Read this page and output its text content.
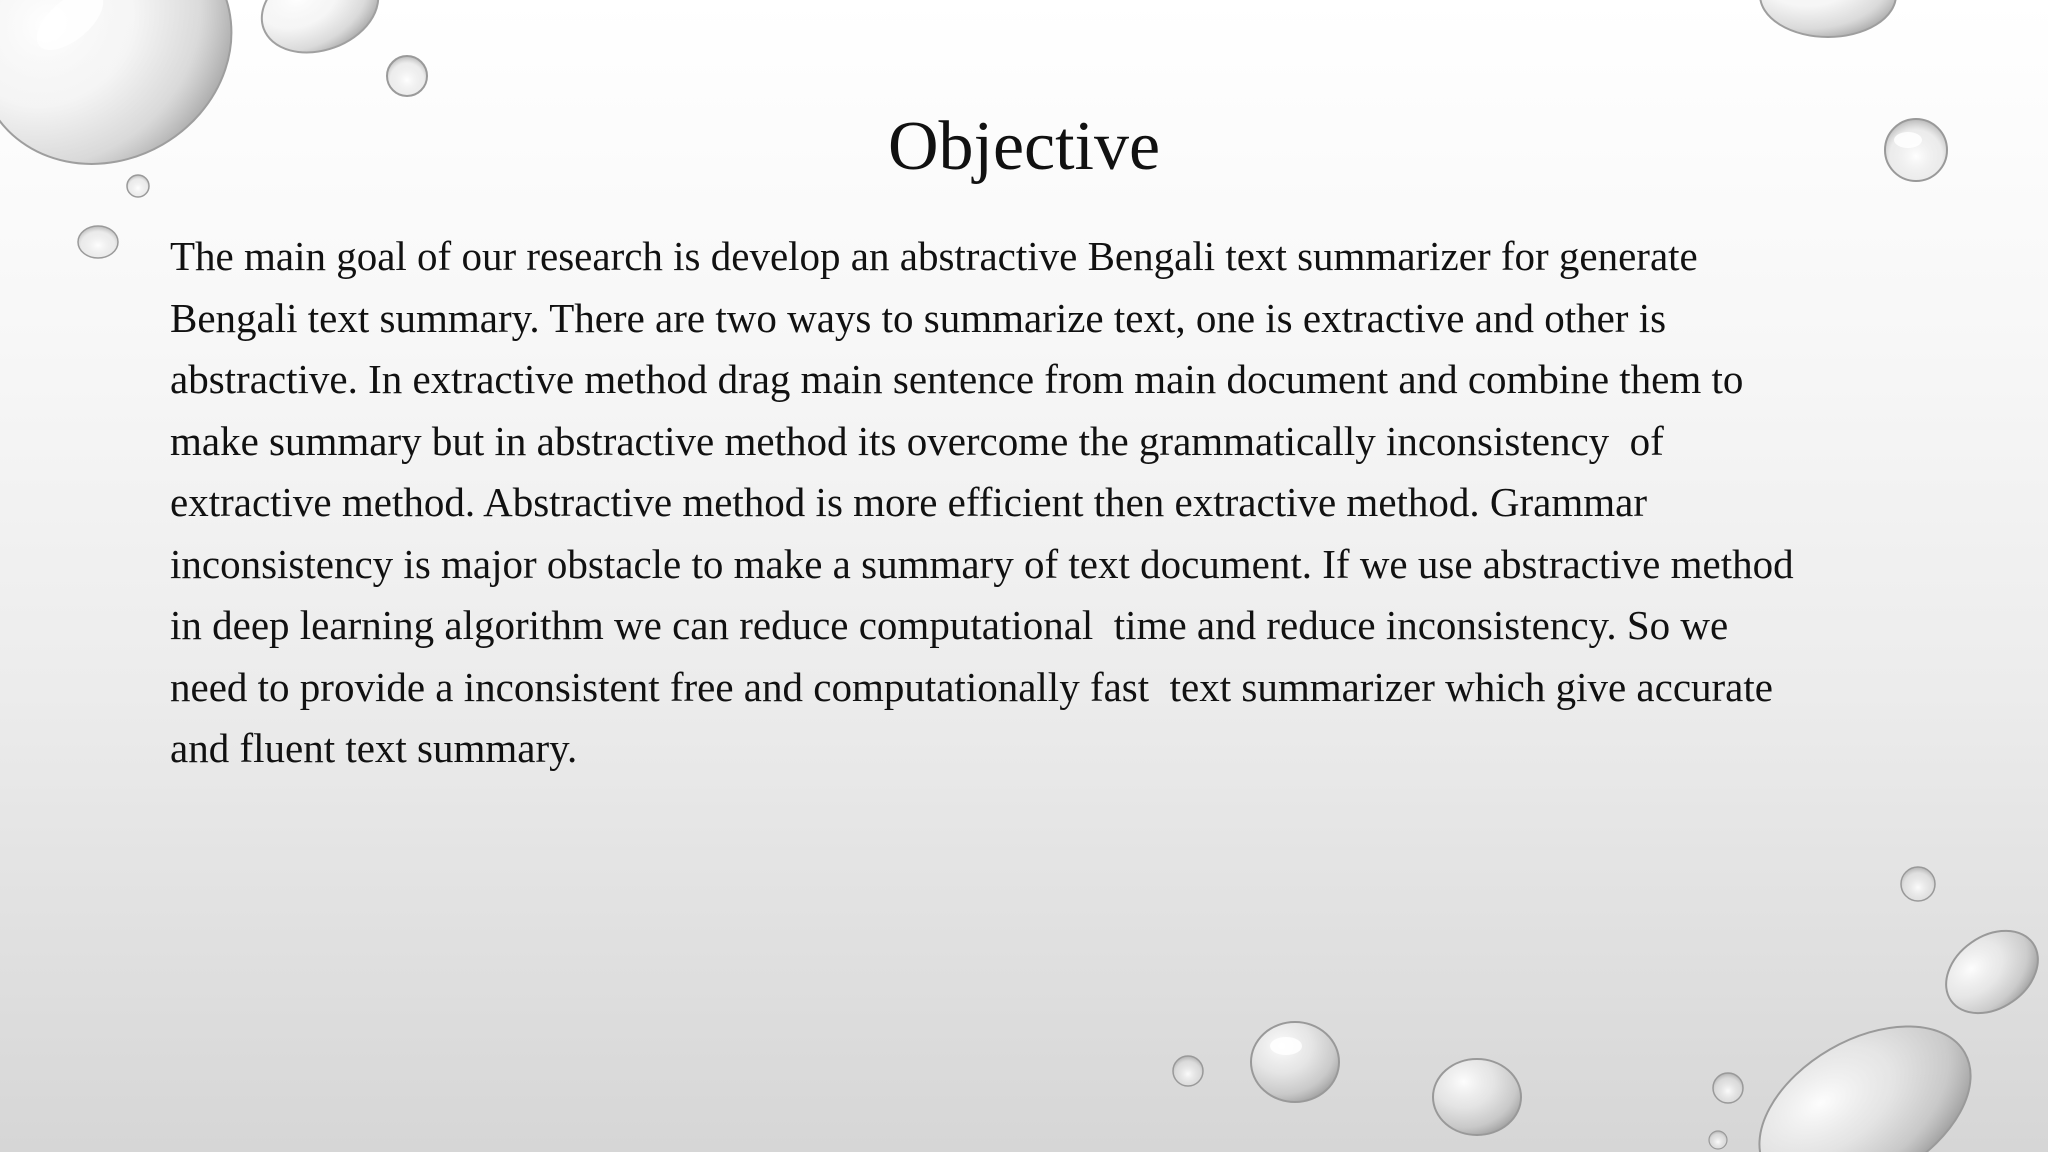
Objective

The main goal of our research is develop an abstractive Bengali text summarizer for generate
Bengali text summary. There are two ways to summarize text, one is extractive and other is
abstractive. In extractive method drag main sentence from main document and combine them to
make summary but in abstractive method its overcome the grammatically inconsistency  of
extractive method. Abstractive method is more efficient then extractive method. Grammar
inconsistency is major obstacle to make a summary of text document. If we use abstractive method
in deep learning algorithm we can reduce computational  time and reduce inconsistency. So we
need to provide a inconsistent free and computationally fast  text summarizer which give accurate
and fluent text summary.
